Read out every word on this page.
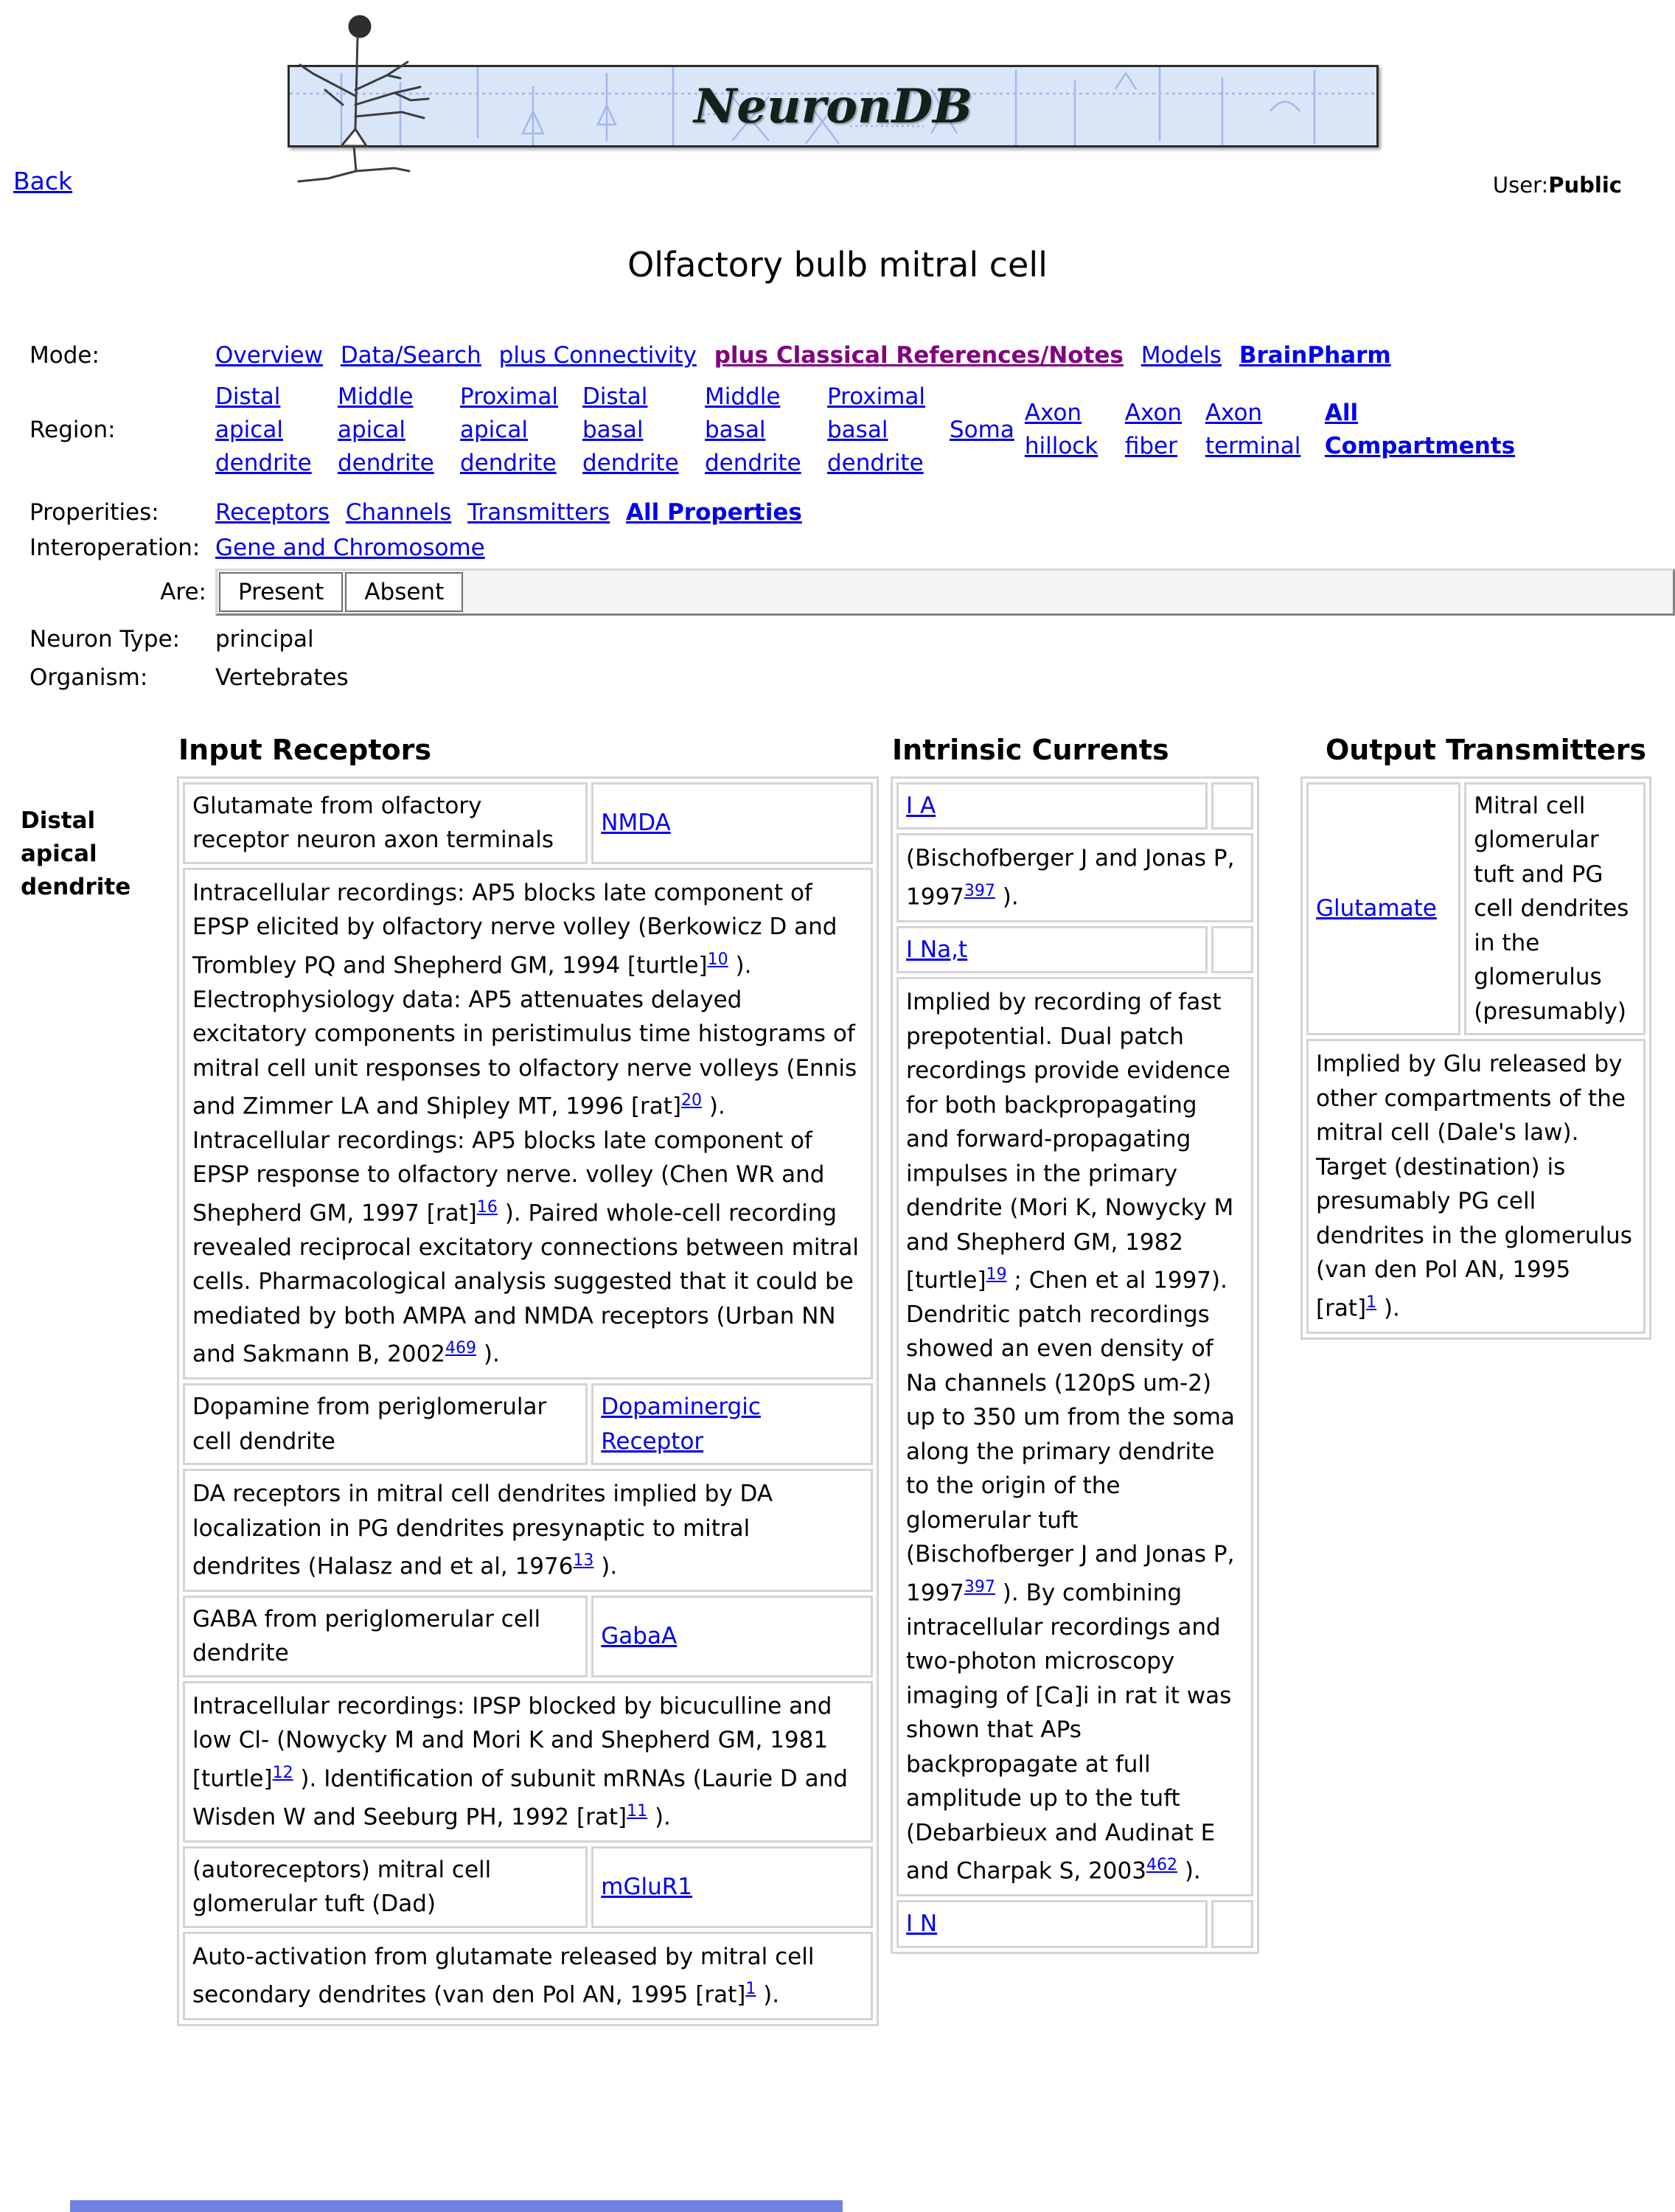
NeuronDB
Back	User:Public
Olfactory bulb mitral cell
Mode:	Overview Data/Search plus Connectivity plus Classical References/Notes Models BrainPharm
Region:
Distal apical dendrite
Middle apical dendrite
Proximal apical dendrite
Distal basal dendrite
Middle basal dendrite
Proximal basal dendrite
Soma
Axon hillock
Axon fiber
Axon terminal
All Compartments
Properities:	Receptors Channels Transmitters All Properties
Interoperation: Gene and Chromosome
Are:	Present Absent
Neuron Type:	principal
Organism:	Vertebrates
Distal apical dendrite
Input Receptors
Glutamate from olfactory receptor neuron axon terminals	NMDA
Intracellular recordings: AP5 blocks late component of EPSP elicited by olfactory nerve volley (Berkowicz D and Trombley PQ and Shepherd GM, 1994 [turtle]$^{10}$ ). Electrophysiology data: AP5 attenuates delayed excitatory components in peristimulus time histograms of mitral cell unit responses to olfactory nerve volleys (Ennis and Zimmer LA and Shipley MT, 1996 [rat]$^{20}$ ). Intracellular recordings: AP5 blocks late component of EPSP response to olfactory nerve. volley (Chen WR and Shepherd GM, 1997 [rat]$^{16}$ ). Paired whole-cell recording revealed reciprocal excitatory connections between mitral cells. Pharmacological analysis suggested that it could be mediated by both AMPA and NMDA receptors (Urban NN and Sakmann B, 2002$^{469}$ ).	
Dopamine from periglomerular cell dendrite	Dopaminergic Receptor
DA receptors in mitral cell dendrites implied by DA localization in PG dendrites presynaptic to mitral dendrites (Halasz and et al, 1976$^{13}$ ).	
GABA from periglomerular cell dendrite	GabaA
Intracellular recordings: IPSP blocked by bicuculline and low Cl- (Nowycky M and Mori K and Shepherd GM, 1981 [turtle]$^{12}$ ). Identification of subunit mRNAs (Laurie D and Wisden W and Seeburg PH, 1992 [rat]$^{11}$ ).	
(autoreceptors) mitral cell glomerular tuft (Dad)	mGluR1
Auto-activation from glutamate released by mitral cell secondary dendrites (van den Pol AN, 1995 [rat]$^1$ ).	
Intrinsic Currents
I A	
(Bischofberger J and Jonas P, 1997$^{397}$ ).	
I Na,t	
Implied by recording of fast prepotential. Dual patch recordings provide evidence for both backpropagating and forward-propagating impulses in the primary dendrite (Mori K, Nowycky M and Shepherd GM, 1982 [turtle]$^{19}$ ; Chen et al 1997). Dendritic patch recordings showed an even density of Na channels (120pS um-2) up to 350 um from the soma along the primary dendrite to the origin of the glomerular tuft (Bischofberger J and Jonas P, 1997$^{397}$ ). By combining intracellular recordings and two-photon microscopy imaging of [Ca]i in rat it was shown that APs backpropagate at full amplitude up to the tuft (Debarbieux and Audinat E and Charpak S, 2003$^{462}$ ).	
I N	
Output Transmitters
Glutamate	Mitral cell glomerular tuft and PG cell dendrites in the glomerulus (presumably)
Implied by Glu released by other compartments of the mitral cell (Dale's law). Target (destination) is presumably PG cell dendrites in the glomerulus (van den Pol AN, 1995 [rat]$^1$ ).
